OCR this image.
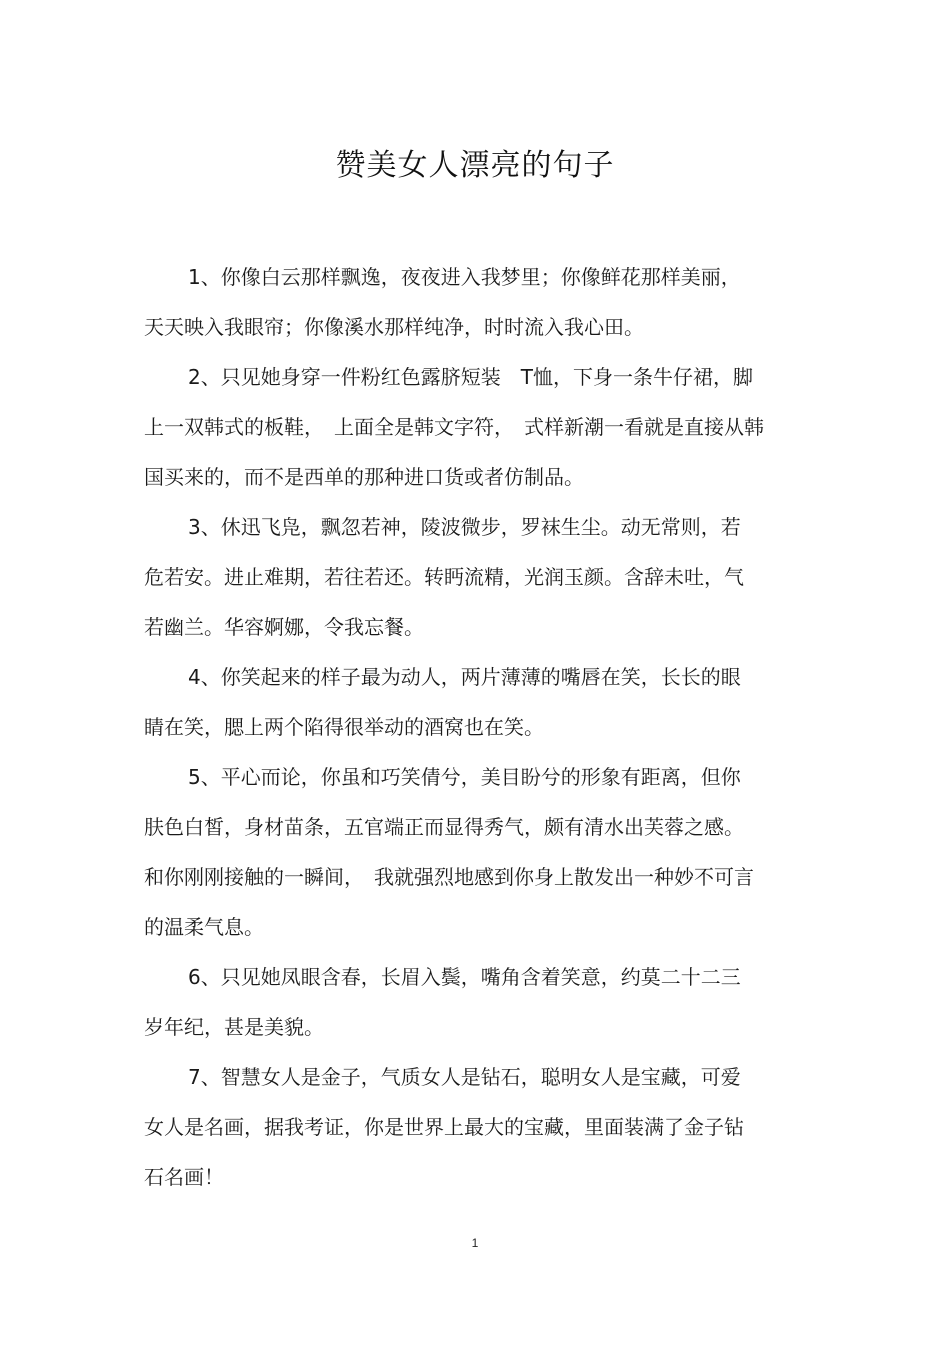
赞美女人漂亮的句子

1、你像白云那样飘逸，夜夜进入我梦里；你像鲜花那样美丽，
天天映入我眼帘；你像溪水那样纯净，时时流入我心田。

2、只见她身穿一件粉红色露脐短装　T恤，下身一条牛仔裙，脚
上一双韩式的板鞋，　上面全是韩文字符，　式样新潮一看就是直接从韩
国买来的，而不是西单的那种进口货或者仿制品。

3、休迅飞凫，飘忽若神，陵波微步，罗袜生尘。动无常则，若
危若安。进止难期，若往若还。转眄流精，光润玉颜。含辞未吐，气
若幽兰。华容婀娜，令我忘餐。

4、你笑起来的样子最为动人，两片薄薄的嘴唇在笑，长长的眼
睛在笑，腮上两个陷得很举动的酒窝也在笑。

5、平心而论，你虽和巧笑倩兮，美目盼兮的形象有距离，但你
肤色白皙，身材苗条，五官端正而显得秀气，颇有清水出芙蓉之感。
和你刚刚接触的一瞬间，　我就强烈地感到你身上散发出一种妙不可言
的温柔气息。

6、只见她凤眼含春，长眉入鬓，嘴角含着笑意，约莫二十二三
岁年纪，甚是美貌。

7、智慧女人是金子，气质女人是钻石，聪明女人是宝藏，可爱
女人是名画，据我考证，你是世界上最大的宝藏，里面装满了金子钻
石名画！

1
